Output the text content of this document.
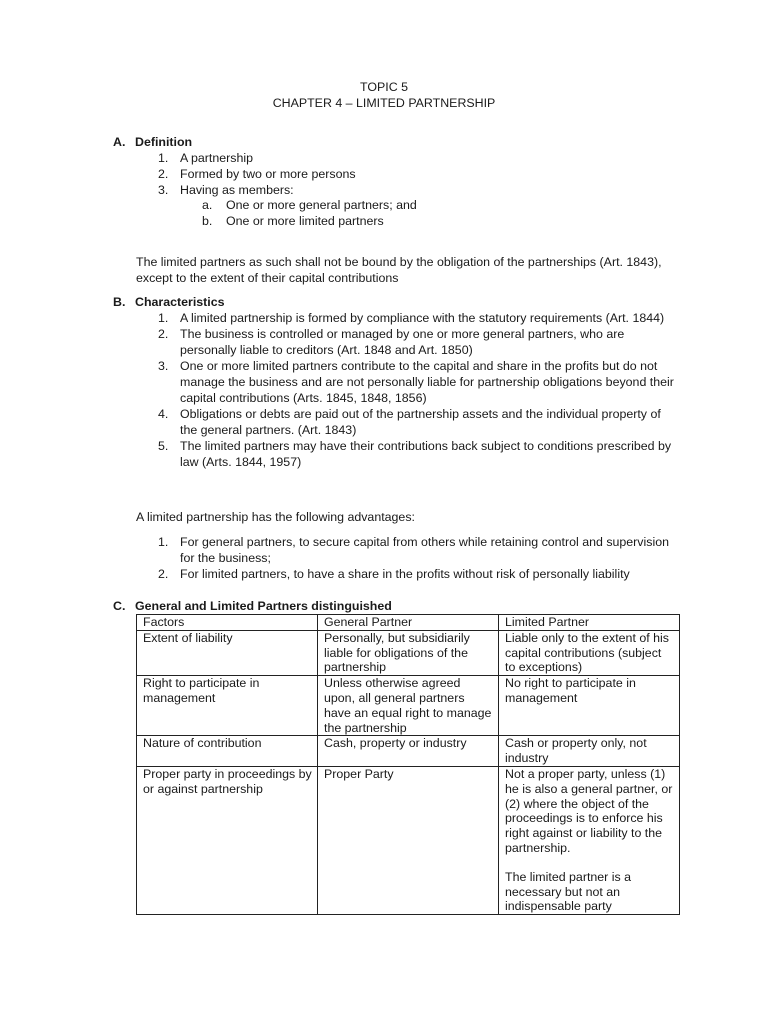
TOPIC 5
CHAPTER 4 – LIMITED PARTNERSHIP
A. Definition
1. A partnership
2. Formed by two or more persons
3. Having as members:
a. One or more general partners; and
b. One or more limited partners
The limited partners as such shall not be bound by the obligation of the partnerships (Art. 1843), except to the extent of their capital contributions
B. Characteristics
1. A limited partnership is formed by compliance with the statutory requirements (Art. 1844)
2. The business is controlled or managed by one or more general partners, who are personally liable to creditors (Art. 1848 and Art. 1850)
3. One or more limited partners contribute to the capital and share in the profits but do not manage the business and are not personally liable for partnership obligations beyond their capital contributions (Arts. 1845, 1848, 1856)
4. Obligations or debts are paid out of the partnership assets and the individual property of the general partners. (Art. 1843)
5. The limited partners may have their contributions back subject to conditions prescribed by law (Arts. 1844, 1957)
A limited partnership has the following advantages:
1. For general partners, to secure capital from others while retaining control and supervision for the business;
2. For limited partners, to have a share in the profits without risk of personally liability
C. General and Limited Partners distinguished
Factors	General Partner	Limited Partner
Extent of liability	Personally, but subsidiarily liable for obligations of the partnership	Liable only to the extent of his capital contributions (subject to exceptions)
Right to participate in management	Unless otherwise agreed upon, all general partners have an equal right to manage the partnership	No right to participate in management
Nature of contribution	Cash, property or industry	Cash or property only, not industry
Proper party in proceedings by or against partnership	Proper Party	Not a proper party, unless (1) he is also a general partner, or (2) where the object of the proceedings is to enforce his right against or liability to the partnership.
The limited partner is a necessary but not an indispensable party
